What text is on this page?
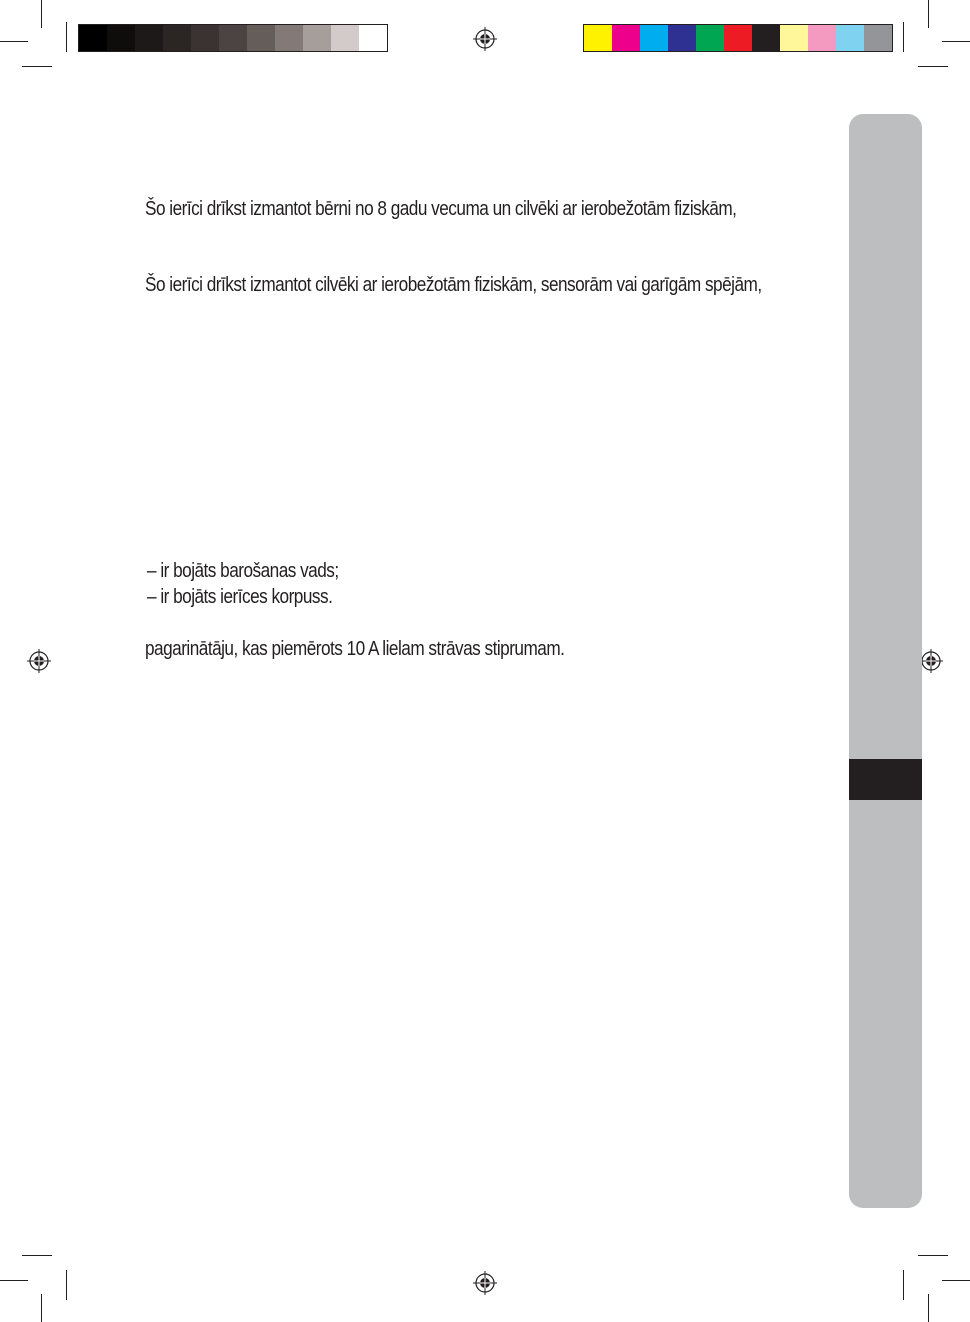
Šo ierīci drīkst izmantot bērni no 8 gadu vecuma un cilvēki ar ierobežotām fiziskām,
Šo ierīci drīkst izmantot cilvēki ar ierobežotām fiziskām, sensorām vai garīgām spējām,
– ir bojāts barošanas vads;
– ir bojāts ierīces korpuss.
pagarinātāju, kas piemērots 10 A lielam strāvas stiprumam.
